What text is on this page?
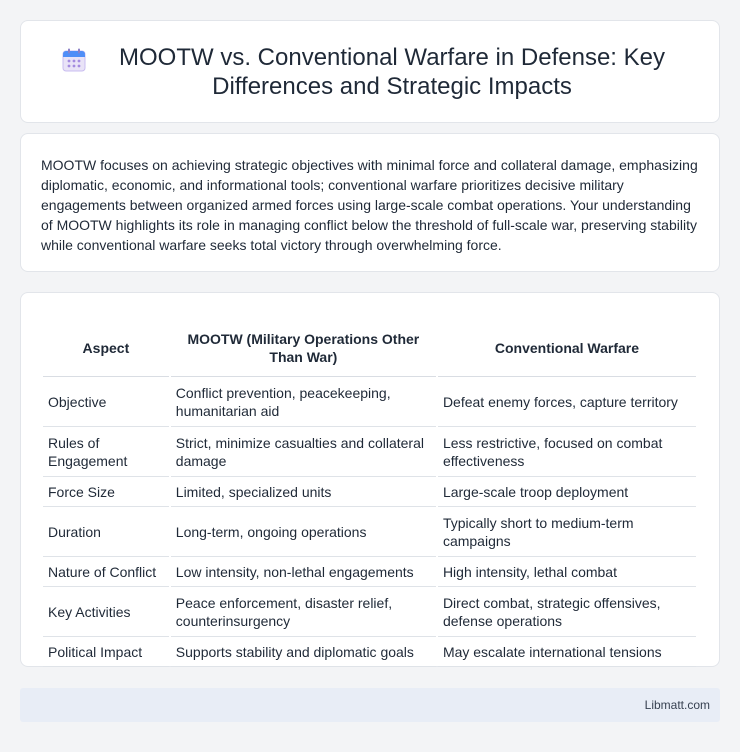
MOOTW vs. Conventional Warfare in Defense: Key Differences and Strategic Impacts

MOOTW focuses on achieving strategic objectives with minimal force and collateral damage, emphasizing diplomatic, economic, and informational tools; conventional warfare prioritizes decisive military engagements between organized armed forces using large-scale combat operations. Your understanding of MOOTW highlights its role in managing conflict below the threshold of full-scale war, preserving stability while conventional warfare seeks total victory through overwhelming force.

Aspect	MOOTW (Military Operations Other Than War)	Conventional Warfare
Objective	Conflict prevention, peacekeeping, humanitarian aid	Defeat enemy forces, capture territory
Rules of Engagement	Strict, minimize casualties and collateral damage	Less restrictive, focused on combat effectiveness
Force Size	Limited, specialized units	Large-scale troop deployment
Duration	Long-term, ongoing operations	Typically short to medium-term campaigns
Nature of Conflict	Low intensity, non-lethal engagements	High intensity, lethal combat
Key Activities	Peace enforcement, disaster relief, counterinsurgency	Direct combat, strategic offensives, defense operations
Political Impact	Supports stability and diplomatic goals	May escalate international tensions
Libmatt.com
